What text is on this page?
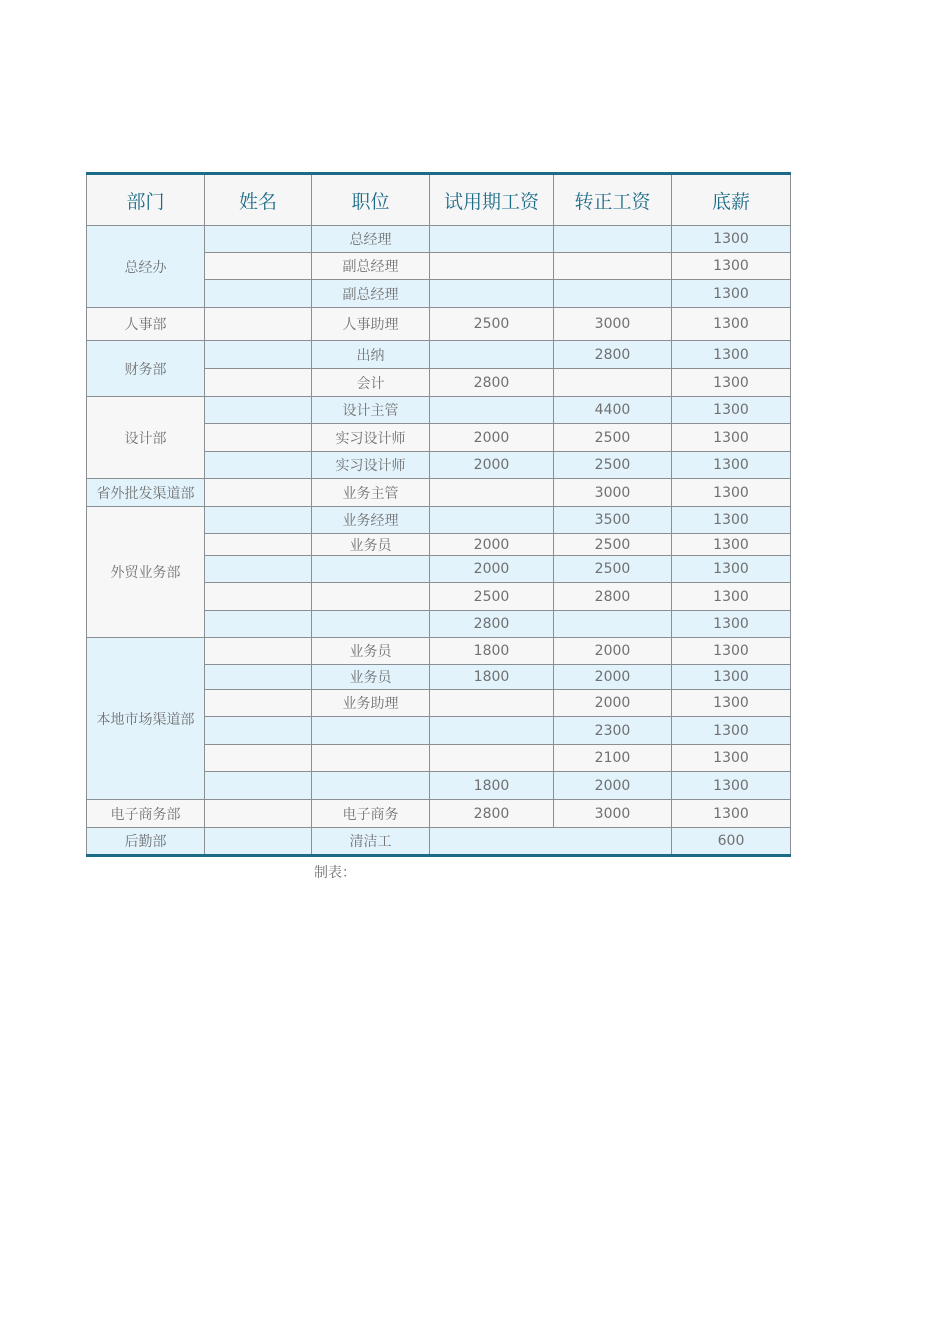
部门	姓名	职位	试用期工资	转正工资	底薪
总经办		总经理			1300
		副总经理			1300
		副总经理			1300
人事部		人事助理	2500	3000	1300
财务部		出纳		2800	1300
		会计	2800		1300
设计部		设计主管		4400	1300
		实习设计师	2000	2500	1300
		实习设计师	2000	2500	1300
省外批发渠道部		业务主管		3000	1300
外贸业务部		业务经理		3500	1300
		业务员	2000	2500	1300
			2000	2500	1300
			2500	2800	1300
			2800		1300
本地市场渠道部		业务员	1800	2000	1300
		业务员	1800	2000	1300
		业务助理		2000	1300
				2300	1300
				2100	1300
			1800	2000	1300
电子商务部		电子商务	2800	3000	1300
后勤部		清洁工			600
制表：
